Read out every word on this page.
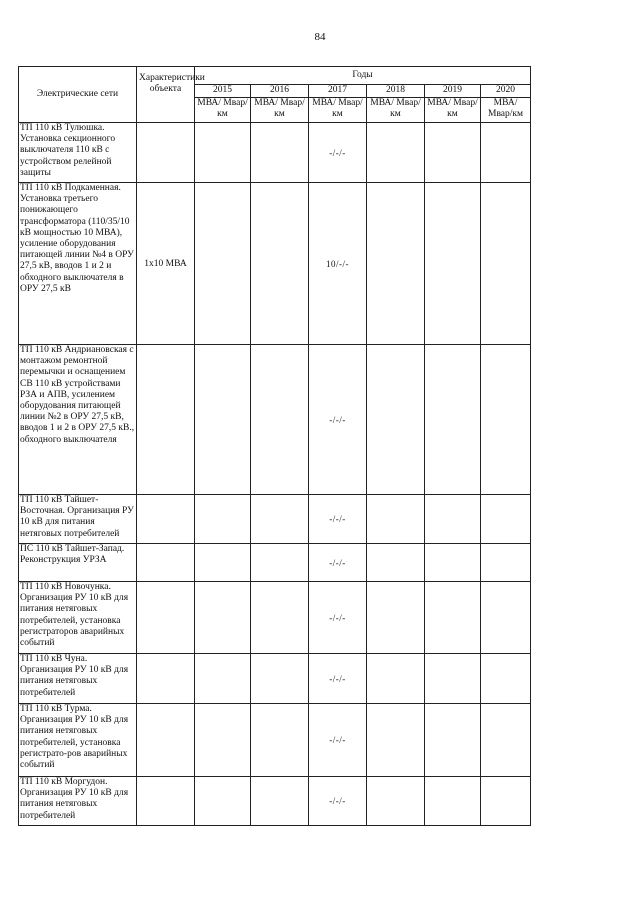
84
Электрические сети	Характеристики объекта	Годы					
		2015	2016	2017	2018	2019	2020
		МВА/ Мвар/км	МВА/ Мвар/км	МВА/ Мвар/км	МВА/ Мвар/км	МВА/ Мвар/км	МВА/ Мвар/км
ТП 110 кВ Тулюшка. Установка секционного выключателя 110 кВ с устройством релейной защиты				-/-/-			
ТП 110 кВ Подкаменная. Установка третьего понижающего трансформатора (110/35/10 кВ мощностью 10 МВА), усиление оборудования питающей линии №4 в ОРУ 27,5 кВ, вводов 1 и 2 и обходного выключателя в ОРУ 27,5 кВ	1х10 МВА			10/-/-			
ТП 110 кВ Андриановская с монтажом ремонтной перемычки и оснащением СВ 110 кВ устройствами РЗА и АПВ, усилением оборудования питающей линии №2 в ОРУ 27,5 кВ, вводов 1 и 2 в ОРУ 27,5 кВ., обходного выключателя				-/-/-			
ТП 110 кВ Тайшет-Восточная. Организация РУ 10 кВ для питания нетяговых потребителей				-/-/-			
ПС 110 кВ Тайшет-Запад. Реконструкция УРЗА				-/-/-			
ТП 110 кВ Новочунка. Организация РУ 10 кВ для питания нетяговых потребителей, установка регистраторов аварийных событий				-/-/-			
ТП 110 кВ Чуна. Организация РУ 10 кВ для питания нетяговых потребителей				-/-/-			
ТП 110 кВ Турма. Организация РУ 10 кВ для питания нетяговых потребителей, установка регистрато-ров аварийных событий				-/-/-			
ТП 110 кВ Моргудон. Организация РУ 10 кВ для питания нетяговых потребителей				-/-/-			
